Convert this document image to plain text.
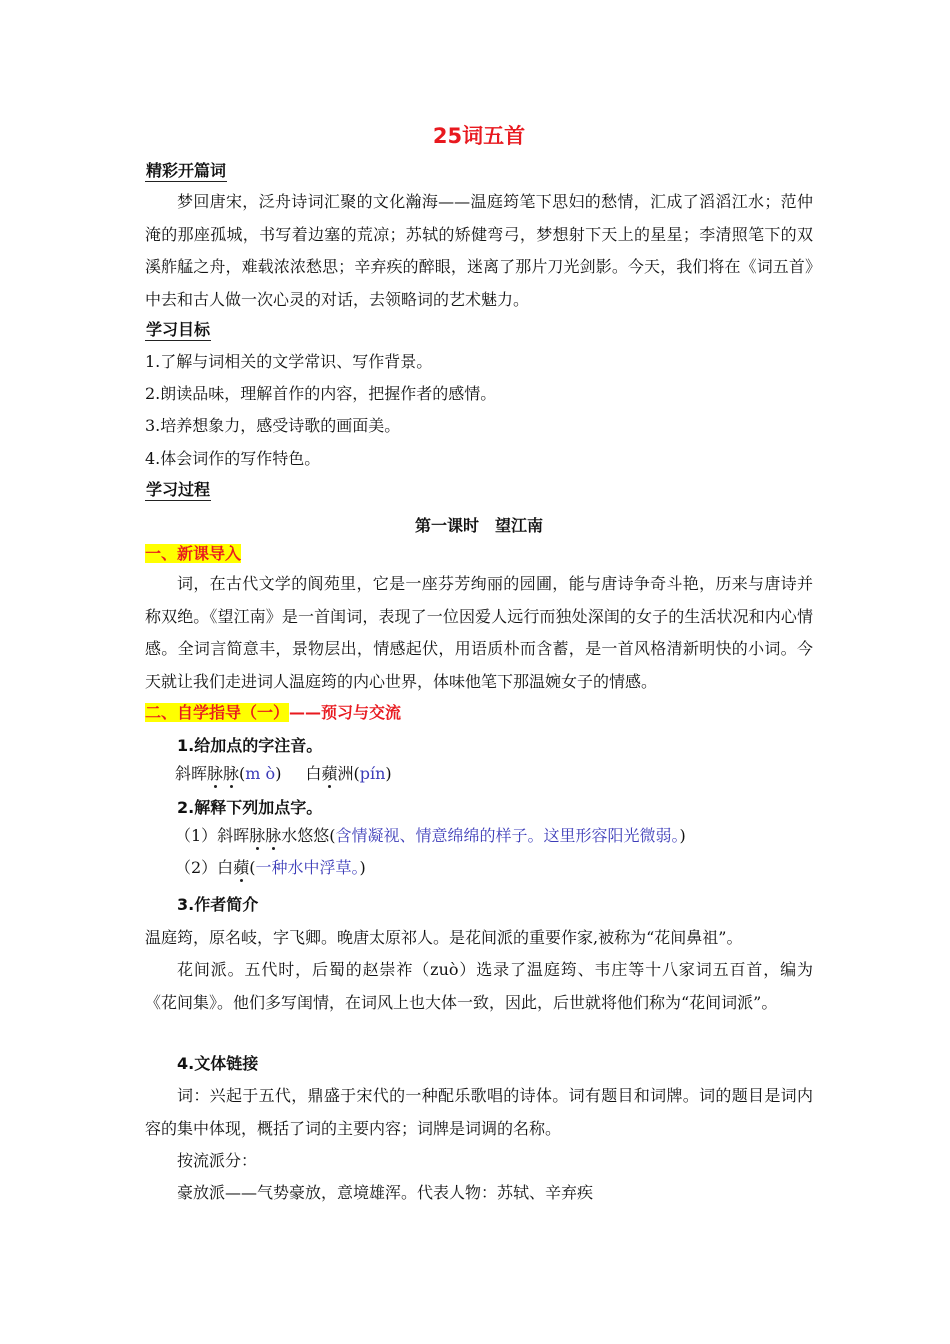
25词五首
精彩开篇词
梦回唐宋，泛舟诗词汇聚的文化瀚海——温庭筠笔下思妇的愁情，汇成了滔滔江水；范仲淹的那座孤城，书写着边塞的荒凉；苏轼的矫健弯弓，梦想射下天上的星星；李清照笔下的双溪舴艋之舟，难载浓浓愁思；辛弃疾的醉眼，迷离了那片刀光剑影。今天，我们将在《词五首》中去和古人做一次心灵的对话，去领略词的艺术魅力。
学习目标
1.了解与词相关的文学常识、写作背景。
2.朗读品味，理解首作的内容，把握作者的感情。
3.培养想象力，感受诗歌的画面美。
4.体会词作的写作特色。
学习过程
第一课时　望江南
一、新课导入
词，在古代文学的阆苑里，它是一座芬芳绚丽的园圃，能与唐诗争奇斗艳，历来与唐诗并称双绝。《望江南》是一首闺词，表现了一位因爱人远行而独处深闺的女子的生活状况和内心情感。全词言简意丰，景物层出，情感起伏，用语质朴而含蓄，是一首风格清新明快的小词。今天就让我们走进词人温庭筠的内心世界，体味他笔下那温婉女子的情感。
二、自学指导（一）——预习与交流
1.给加点的字注音。
斜晖脉脉(m ò) 白蘋洲(pín)
2.解释下列加点字。
（1）斜晖脉脉水悠悠(含情凝视、情意绵绵的样子。这里形容阳光微弱。)
（2）白蘋(一种水中浮草。)
3.作者简介
温庭筠，原名岐，字飞卿。晚唐太原祁人。是花间派的重要作家,被称为“花间鼻祖”。
花间派。五代时，后蜀的赵崇祚（zuò）选录了温庭筠、韦庄等十八家词五百首，编为《花间集》。他们多写闺情，在词风上也大体一致，因此，后世就将他们称为“花间词派”。
4.文体链接
词：兴起于五代，鼎盛于宋代的一种配乐歌唱的诗体。词有题目和词牌。词的题目是词内容的集中体现，概括了词的主要内容；词牌是词调的名称。
按流派分：
豪放派——气势豪放，意境雄浑。代表人物：苏轼、辛弃疾
